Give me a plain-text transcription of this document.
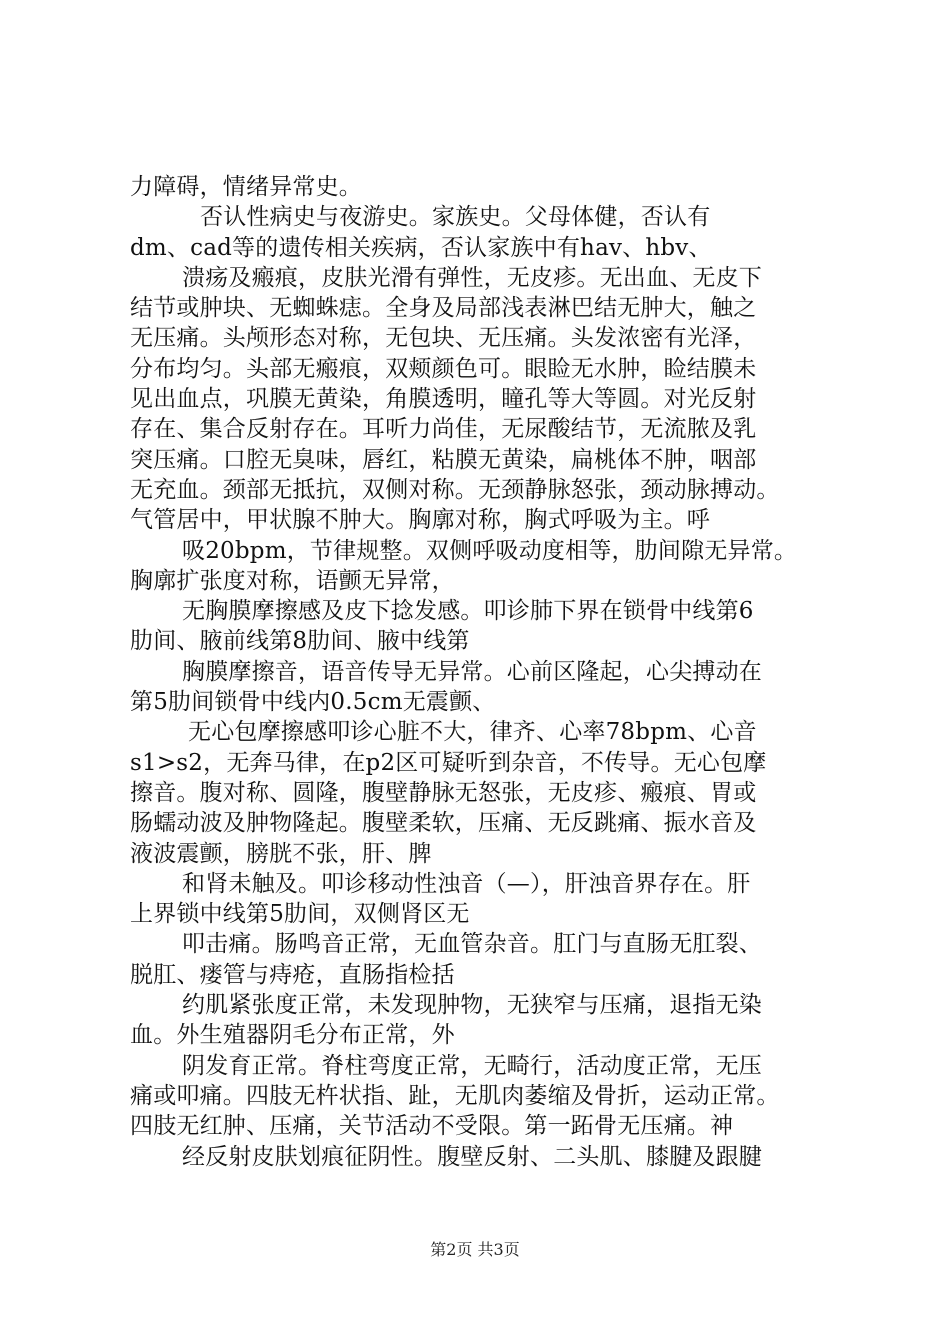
力障碍，情绪异常史。
否认性病史与夜游史。家族史。父母体健，否认有
dm、cad等的遗传相关疾病，否认家族中有hav、hbv、
溃疡及瘢痕，皮肤光滑有弹性，无皮疹。无出血、无皮下
结节或肿块、无蜘蛛痣。全身及局部浅表淋巴结无肿大，触之
无压痛。头颅形态对称，无包块、无压痛。头发浓密有光泽，
分布均匀。头部无瘢痕，双颊颜色可。眼睑无水肿，睑结膜未
见出血点，巩膜无黄染，角膜透明，瞳孔等大等圆。对光反射
存在、集合反射存在。耳听力尚佳，无尿酸结节，无流脓及乳
突压痛。口腔无臭味，唇红，粘膜无黄染，扁桃体不肿，咽部
无充血。颈部无抵抗，双侧对称。无颈静脉怒张，颈动脉搏动。
气管居中，甲状腺不肿大。胸廓对称，胸式呼吸为主。呼
吸20bpm，节律规整。双侧呼吸动度相等，肋间隙无异常。
胸廓扩张度对称，语颤无异常，
无胸膜摩擦感及皮下捻发感。叩诊肺下界在锁骨中线第6
肋间、腋前线第8肋间、腋中线第
胸膜摩擦音，语音传导无异常。心前区隆起，心尖搏动在
第5肋间锁骨中线内0.5cm无震颤、
无心包摩擦感叩诊心脏不大，律齐、心率78bpm、心音
s1>s2，无奔马律，在p2区可疑听到杂音，不传导。无心包摩
擦音。腹对称、圆隆，腹壁静脉无怒张，无皮疹、瘢痕、胃或
肠蠕动波及肿物隆起。腹壁柔软，压痛、无反跳痛、振水音及
液波震颤，膀胱不张，肝、脾
和肾未触及。叩诊移动性浊音（—），肝浊音界存在。肝
上界锁中线第5肋间，双侧肾区无
叩击痛。肠鸣音正常，无血管杂音。肛门与直肠无肛裂、
脱肛、瘘管与痔疮，直肠指检括
约肌紧张度正常，未发现肿物，无狭窄与压痛，退指无染
血。外生殖器阴毛分布正常，外
阴发育正常。脊柱弯度正常，无畸行，活动度正常，无压
痛或叩痛。四肢无杵状指、趾，无肌肉萎缩及骨折，运动正常。
四肢无红肿、压痛，关节活动不受限。第一跖骨无压痛。神
经反射皮肤划痕征阴性。腹壁反射、二头肌、膝腱及跟腱
第2页 共3页
